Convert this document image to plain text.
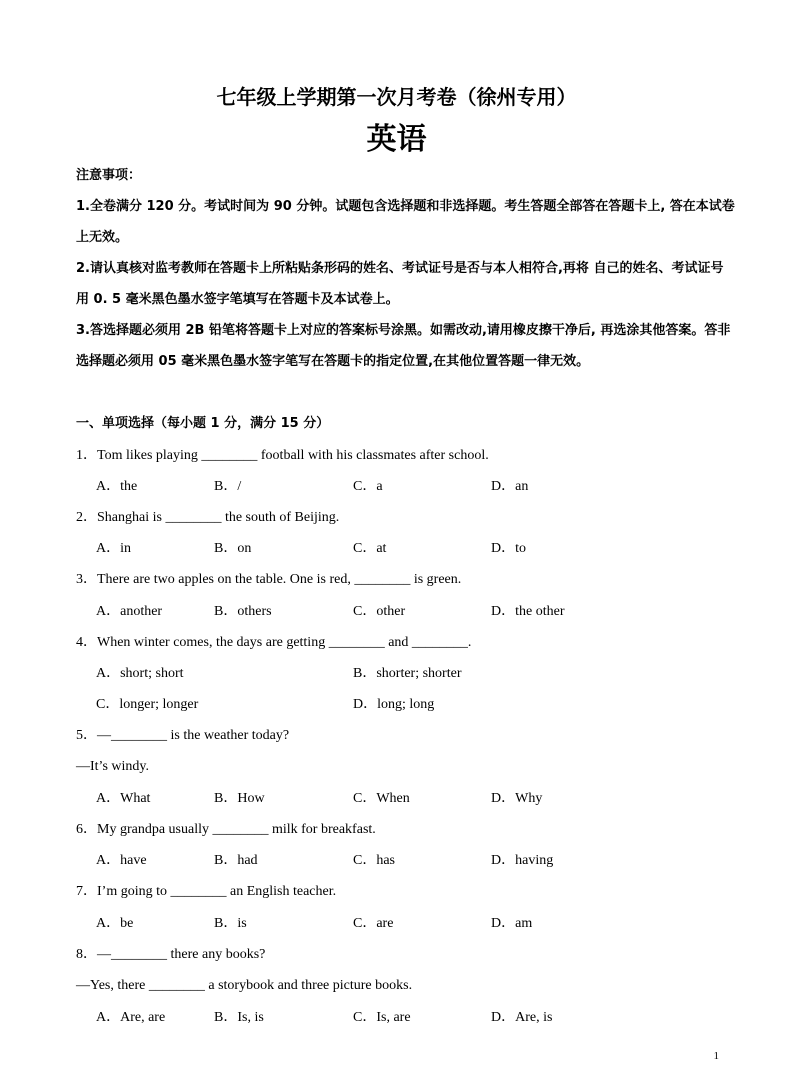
七年级上学期第一次月考卷（徐州专用）
英语
注意事项：

1.全卷满分 120 分。考试时间为 90 分钟。试题包含选择题和非选择题。考生答题全部答在答题卡上, 答在本试卷上无效。

2.请认真核对监考教师在答题卡上所粘贴条形码的姓名、考试证号是否与本人相符合,再将 自己的姓名、考试证号用 0. 5 毫米黑色墨水签字笔填写在答题卡及本试卷上。

3.答选择题必须用 2B 铅笔将答题卡上对应的答案标号涂黑。如需改动,请用橡皮擦干净后, 再选涂其他答案。答非选择题必须用 05 毫米黑色墨水签字笔写在答题卡的指定位置,在其他位置答题一律无效。

一、单项选择（每小题 1 分，满分 15 分）
1．Tom likes playing ________ football with his classmates after school.
A．the	B．/	C．a	D．an
2．Shanghai is ________ the south of Beijing.
A．in	B．on	C．at	D．to
3．There are two apples on the table. One is red, ________ is green.
A．another	B．others	C．other	D．the other
4．When winter comes, the days are getting ________ and ________.
A．short; short	B．shorter; shorter
C．longer; longer	D．long; long
5．—________ is the weather today?
—It’s windy.
A．What	B．How	C．When	D．Why
6．My grandpa usually ________ milk for breakfast.
A．have	B．had	C．has	D．having
7．I’m going to ________ an English teacher.
A．be	B．is	C．are	D．am
8．—________ there any books?
—Yes, there ________ a storybook and three picture books.
A．Are, are	B．Is, is	C．Is, are	D．Are, is
1
